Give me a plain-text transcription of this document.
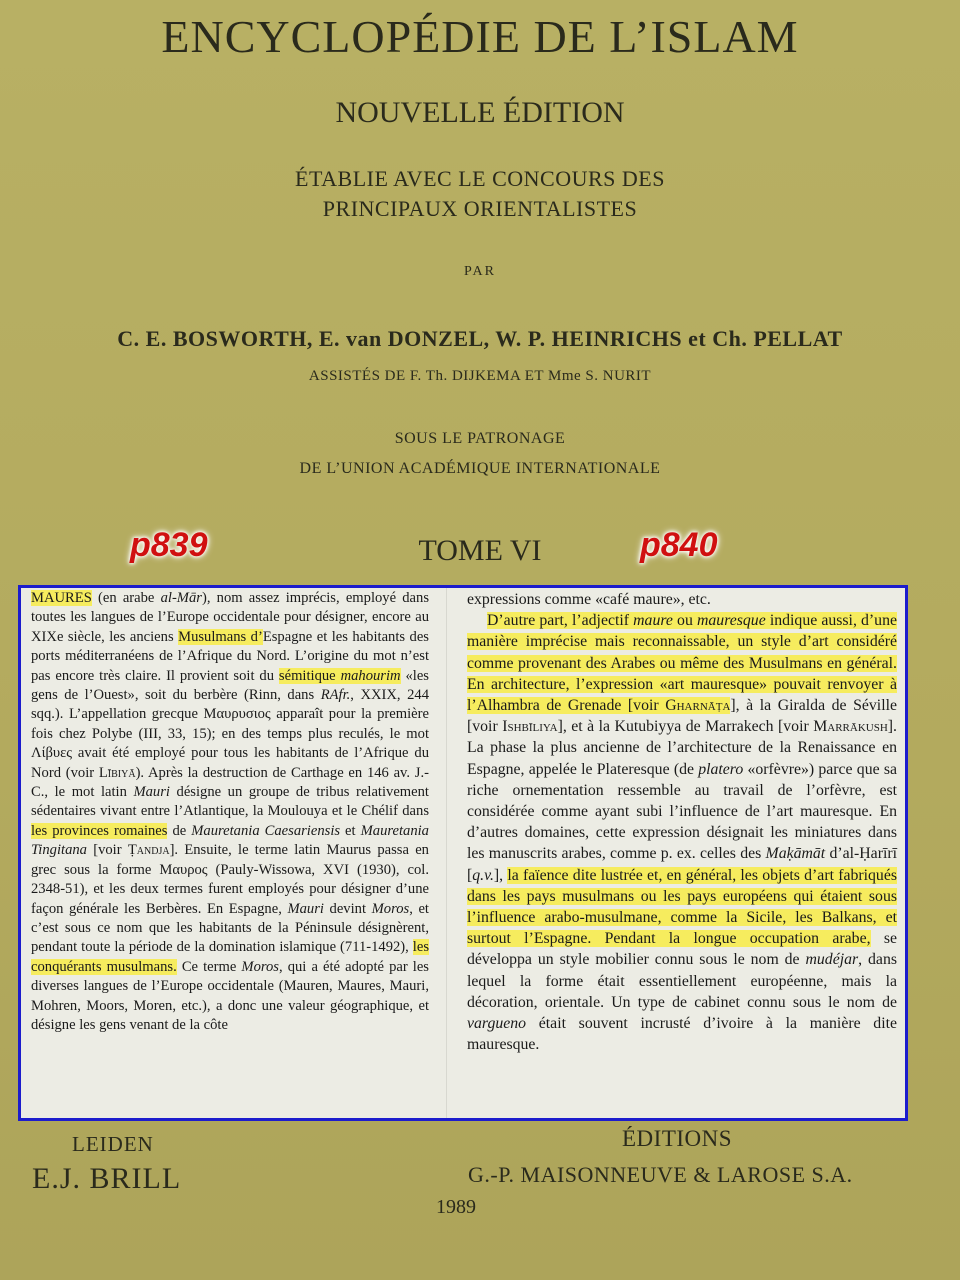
ENCYCLOPÉDIE DE L’ISLAM
NOUVELLE ÉDITION
ÉTABLIE AVEC LE CONCOURS DES
PRINCIPAUX ORIENTALISTES
PAR
C. E. BOSWORTH, E. van DONZEL, W. P. HEINRICHS et Ch. PELLAT
ASSISTÉS DE F. Th. DIJKEMA ET Mme S. NURIT
SOUS LE PATRONAGE
DE L’UNION ACADÉMIQUE INTERNATIONALE
TOME VI
p839	p840

MAURES (en arabe al-Mār), nom assez imprécis, employé dans toutes les langues de l’Europe occidentale pour désigner, encore au XIXe siècle, les anciens Musulmans d’Espagne et les habitants des ports méditerranéens de l’Afrique du Nord. L’origine du mot n’est pas encore très claire. Il provient soit du sémitique mahourim «les gens de l’Ouest», soit du berbère (Rinn, dans RAfr., XXIX, 244 sqq.). L’appellation grecque Μαυρυσιος apparaît pour la première fois chez Polybe (III, 33, 15); en des temps plus reculés, le mot Λίβυες avait été employé pour tous les habitants de l’Afrique du Nord (voir Lībiyā). Après la destruction de Carthage en 146 av. J.-C., le mot latin Mauri désigne un groupe de tribus relativement sédentaires vivant entre l’Atlantique, la Moulouya et le Chélif dans les provinces romaines de Mauretania Caesariensis et Mauretania Tingitana [voir Ṭandja]. Ensuite, le terme latin Maurus passa en grec sous la forme Μαυρος (Pauly-Wissowa, XVI (1930), col. 2348-51), et les deux termes furent employés pour désigner d’une façon générale les Berbères. En Espagne, Mauri devint Moros, et c’est sous ce nom que les habitants de la Péninsule désignèrent, pendant toute la période de la domination islamique (711-1492), les conquérants musulmans. Ce terme Moros, qui a été adopté par les diverses langues de l’Europe occidentale (Mauren, Maures, Mauri, Mohren, Moors, Moren, etc.), a donc une valeur géographique, et désigne les gens venant de la côte

expressions comme «café maure», etc.

D’autre part, l’adjectif maure ou mauresque indique aussi, d’une manière imprécise mais reconnaissable, un style d’art considéré comme provenant des Arabes ou même des Musulmans en général. En architecture, l’expression «art mauresque» pouvait renvoyer à l’Alhambra de Grenade [voir Gharnāṭa], à la Giralda de Séville [voir Ishbīliya], et à la Kutubiyya de Marrakech [voir Marrākush]. La phase la plus ancienne de l’architecture de la Renaissance en Espagne, appelée le Plateresque (de platero «orfèvre») parce que sa riche ornementation ressemble au travail de l’orfèvre, est considérée comme ayant subi l’influence de l’art mauresque. En d’autres domaines, cette expression désignait les miniatures dans les manuscrits arabes, comme p. ex. celles des Maḳāmāt d’al-Ḥarīrī [q.v.], la faïence dite lustrée et, en général, les objets d’art fabriqués dans les pays musulmans ou les pays européens qui étaient sous l’influence arabo-musulmane, comme la Sicile, les Balkans, et surtout l’Espagne. Pendant la longue occupation arabe, se développa un style mobilier connu sous le nom de mudéjar, dans lequel la forme était essentiellement européenne, mais la décoration, orientale. Un type de cabinet connu sous le nom de vargueno était souvent incrusté d’ivoire à la manière dite mauresque.

LEIDEN
E.J. BRILL
ÉDITIONS
G.-P. MAISONNEUVE & LAROSE S.A.
1989
